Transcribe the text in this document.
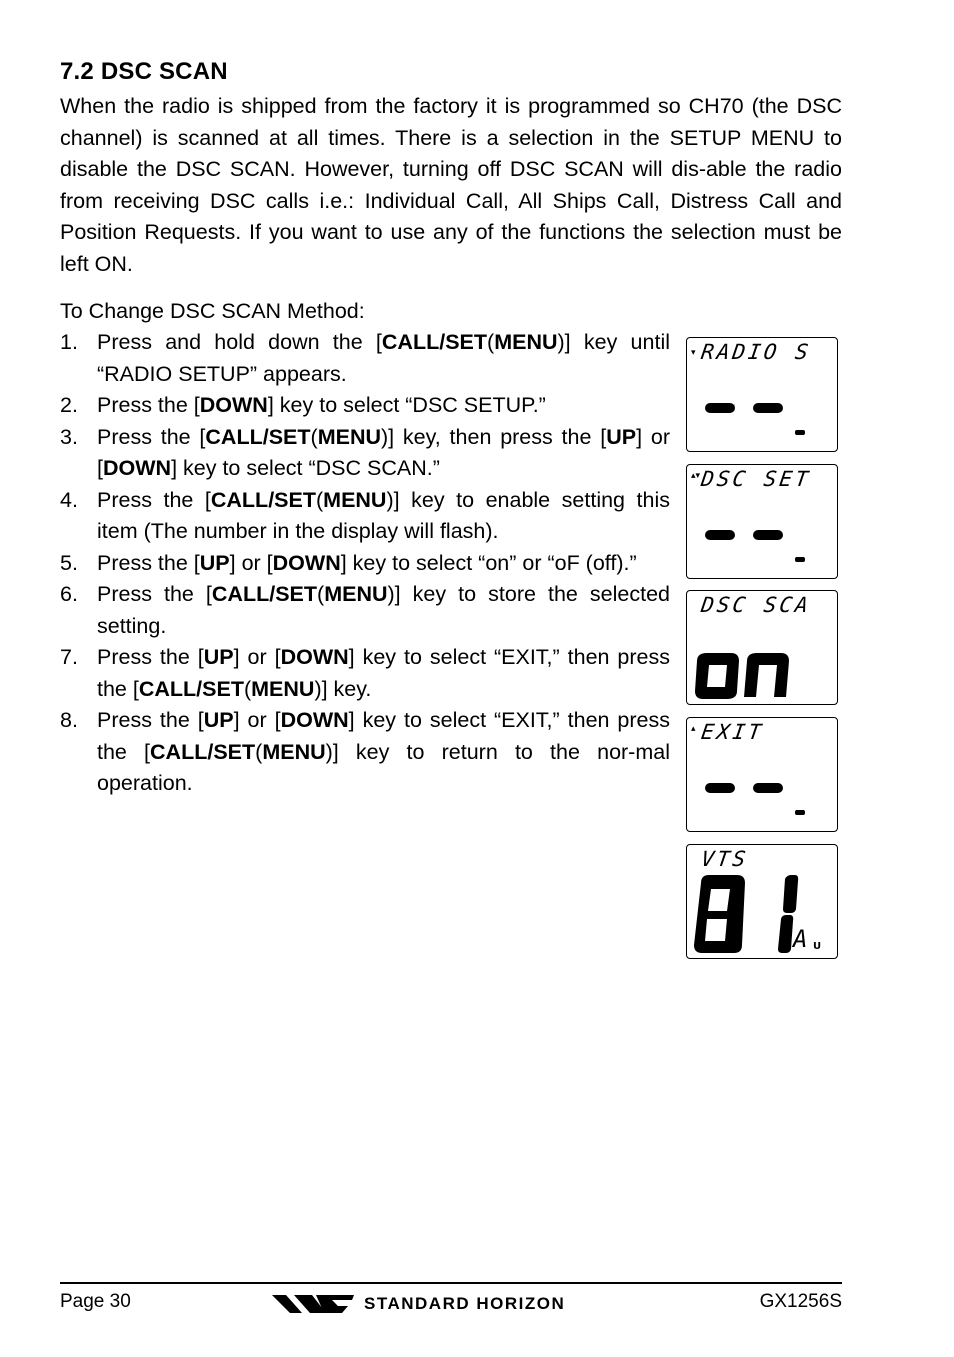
7.2 DSC SCAN
When the radio is shipped from the factory it is programmed so CH70 (the DSC channel) is scanned at all times. There is a selection in the SETUP MENU to disable the DSC SCAN. However, turning off DSC SCAN will dis-able the radio from receiving DSC calls i.e.: Individual Call, All Ships Call, Distress Call and Position Requests. If you want to use any of the functions the selection must be left ON.
To Change DSC SCAN Method:
1. Press and hold down the [CALL/SET(MENU)] key until “RADIO SETUP” appears.
2. Press the [DOWN] key to select “DSC SETUP.”
3. Press the [CALL/SET(MENU)] key, then press the [UP] or [DOWN] key to select “DSC SCAN.”
4. Press the [CALL/SET(MENU)] key to enable setting this item (The number in the display will flash).
5. Press the [UP] or [DOWN] key to select “on” or “oF (off).”
6. Press the [CALL/SET(MENU)] key to store the selected setting.
7. Press the [UP] or [DOWN] key to select “EXIT,” then press the [CALL/SET(MENU)] key.
8. Press the [UP] or [DOWN] key to select “EXIT,” then press the [CALL/SET(MENU)] key to return to the nor-mal operation.
▾ RADIO S
▴▾ DSC SET
DSC SCA
▴ EXIT
VTS
A U
Page 30	STANDARD HORIZON	GX1256S
